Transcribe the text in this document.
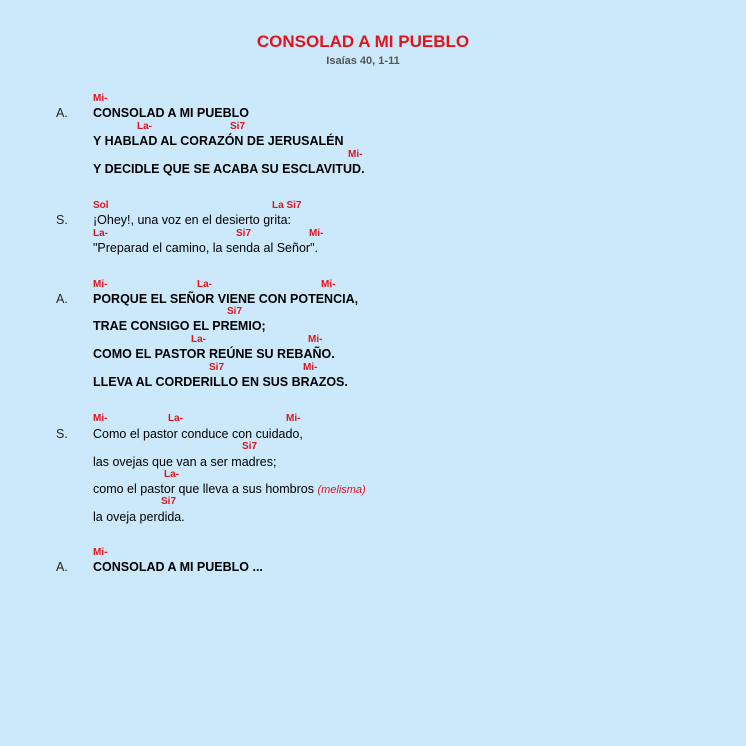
CONSOLAD A MI PUEBLO
Isaías 40, 1-11
Mi-
A. CONSOLAD A MI PUEBLO
La-	Si7
Y HABLAD AL CORAZÓN DE JERUSALÉN
Mi-
Y DECIDLE QUE SE ACABA SU ESCLAVITUD.
Sol	La Si7
S. ¡Ohey!, una voz en el desierto grita:
La-	Si7	Mi-
"Preparad el camino, la senda al Señor".
Mi-	La-	Mi-
A. PORQUE EL SEÑOR VIENE CON POTENCIA,
Si7
TRAE CONSIGO EL PREMIO;
La-	Mi-
COMO EL PASTOR REÚNE SU REBAÑO.
Si7	Mi-
LLEVA AL CORDERILLO EN SUS BRAZOS.
Mi-	La-	Mi-
S. Como el pastor conduce con cuidado,
Si7
las ovejas que van a ser madres;
La-
como el pastor que lleva a sus hombros (melisma)
Si7
la oveja perdida.
Mi-
A. CONSOLAD A MI PUEBLO ...
